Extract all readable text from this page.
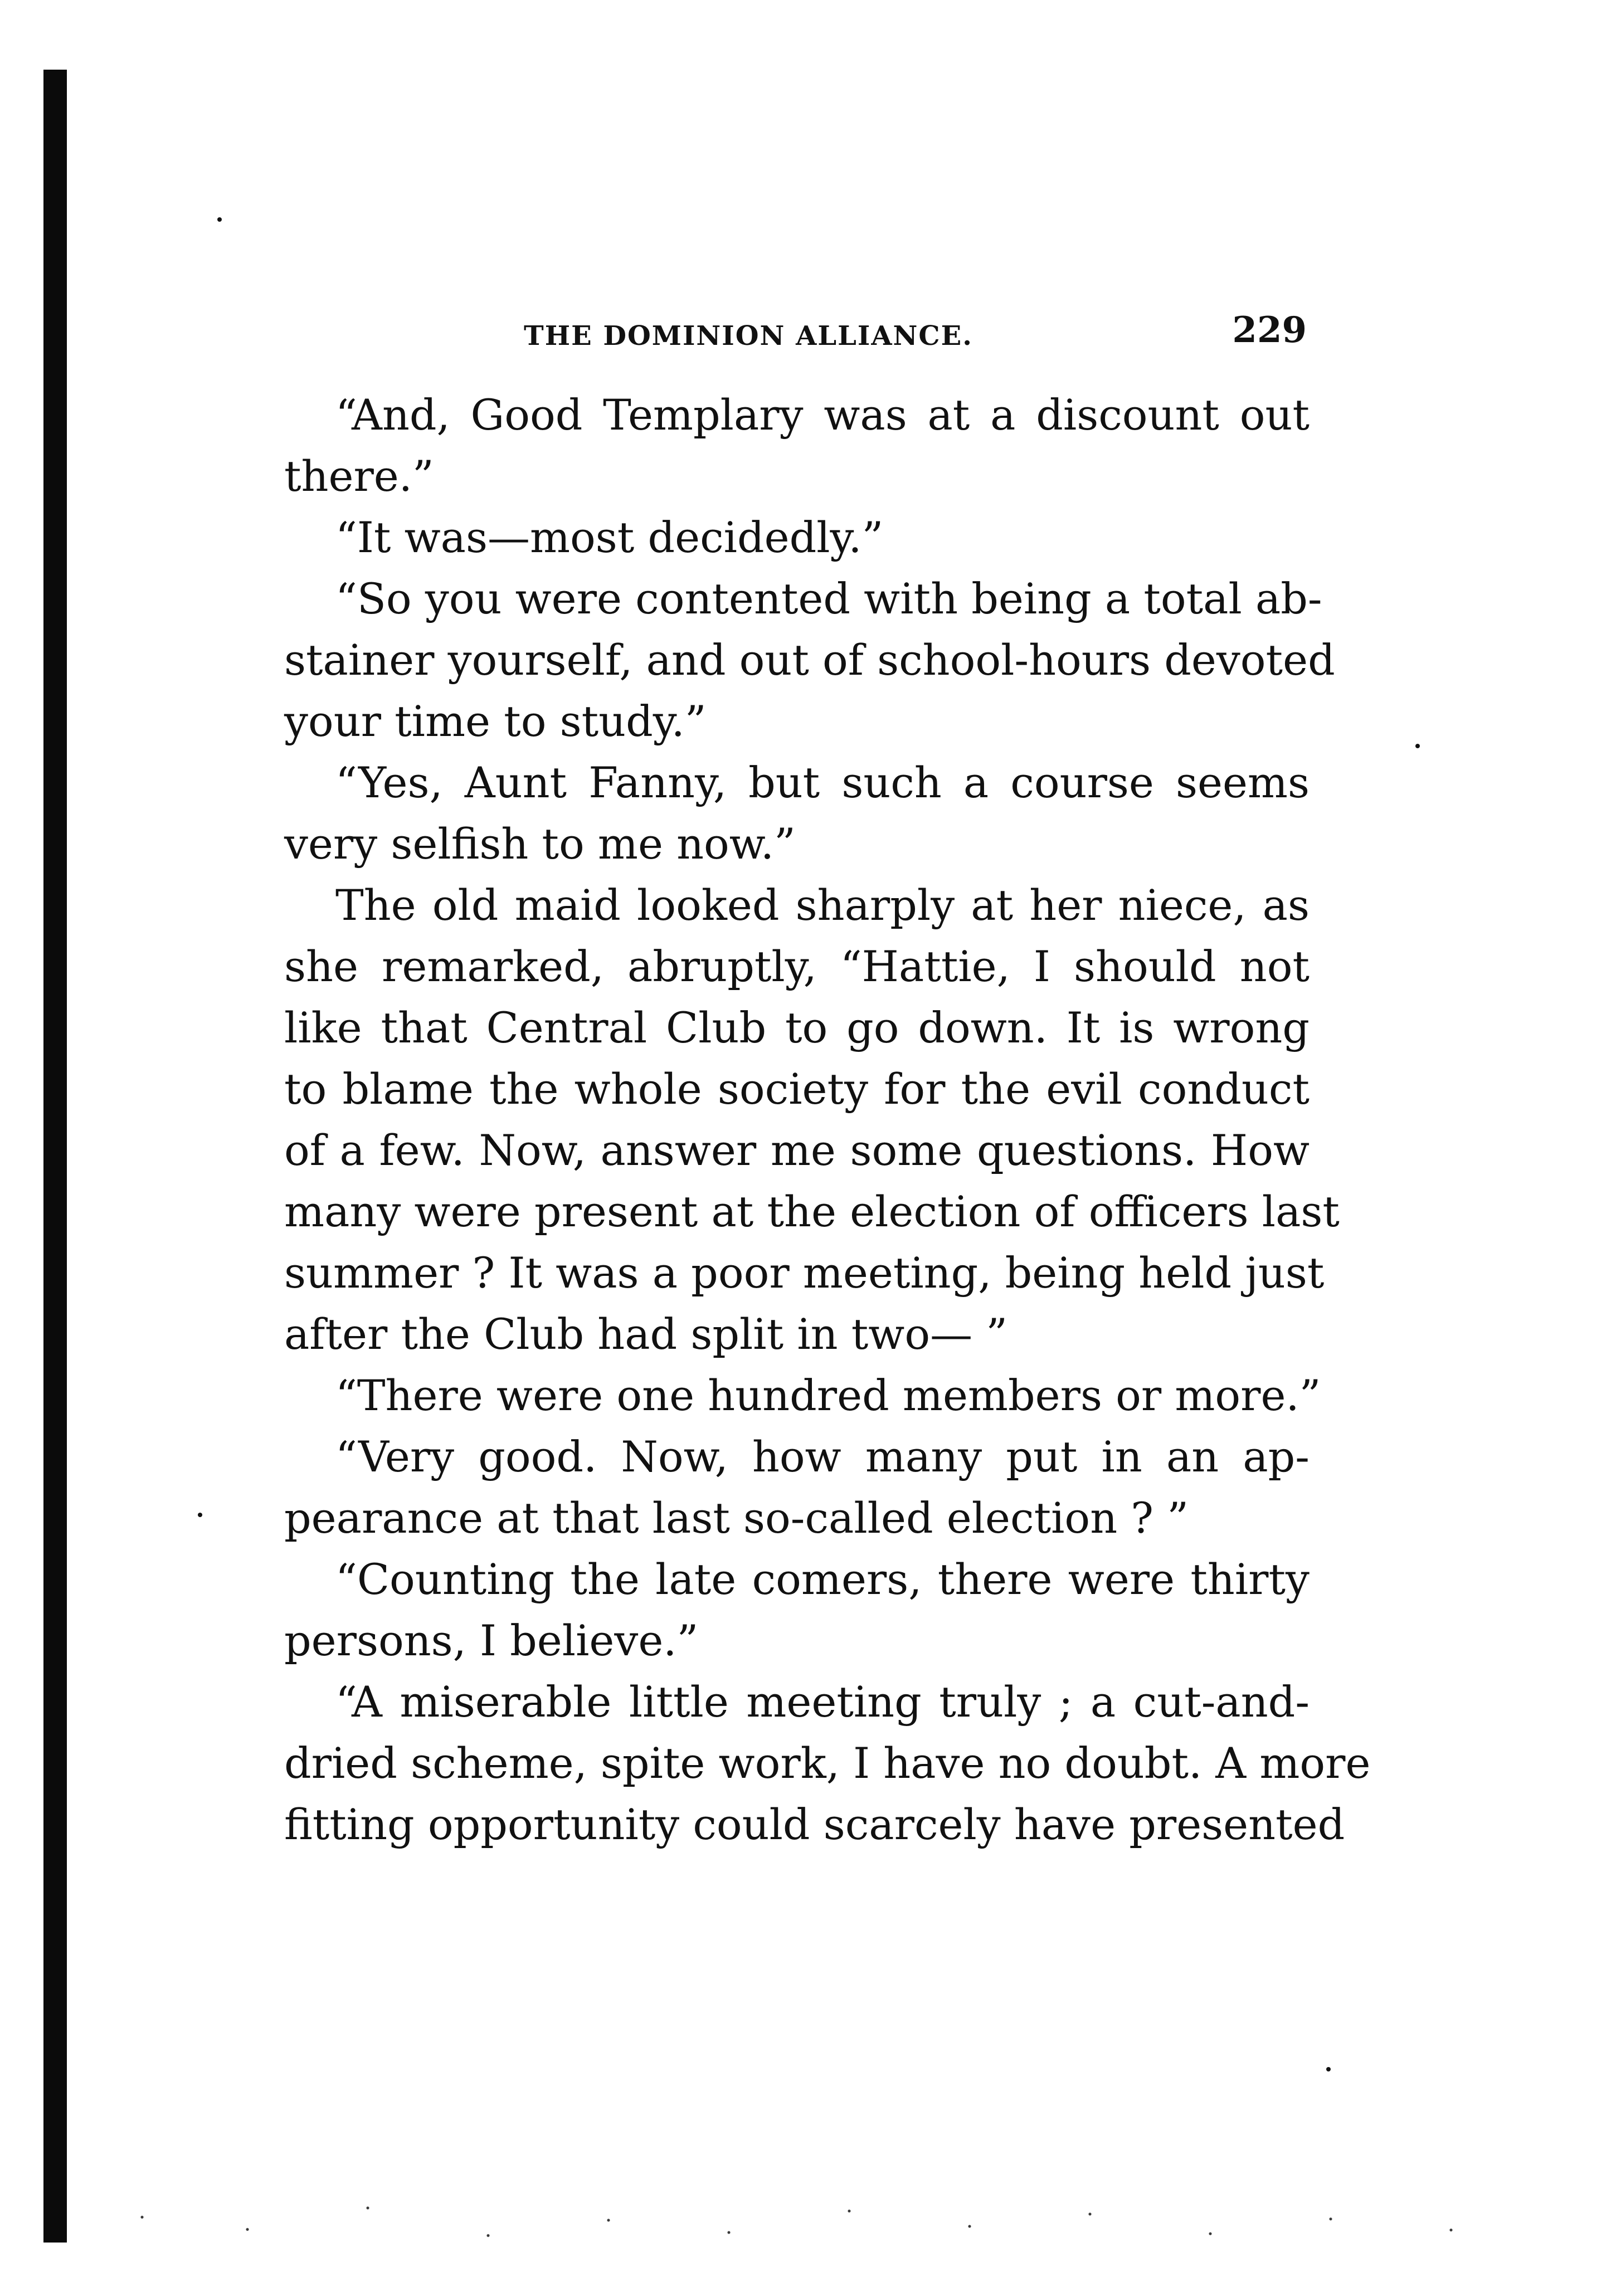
THE DOMINION ALLIANCE.	229
“And, Good Templary was at a discount out
there.”
“It was—most decidedly.”
“So you were contented with being a total ab-
stainer yourself, and out of school-hours devoted
your time to study.”
“Yes, Aunt Fanny, but such a course seems
very selfish to me now.”
The old maid looked sharply at her niece, as
she remarked, abruptly, “Hattie, I should not
like that Central Club to go down. It is wrong
to blame the whole society for the evil conduct
of a few. Now, answer me some questions. How
many were present at the election of officers last
summer ? It was a poor meeting, being held just
after the Club had split in two— ”
“There were one hundred members or more.”
“Very good. Now, how many put in an ap-
pearance at that last so-called election ? ”
“Counting the late comers, there were thirty
persons, I believe.”
“A miserable little meeting truly ; a cut-and-
dried scheme, spite work, I have no doubt. A more
fitting opportunity could scarcely have presented
